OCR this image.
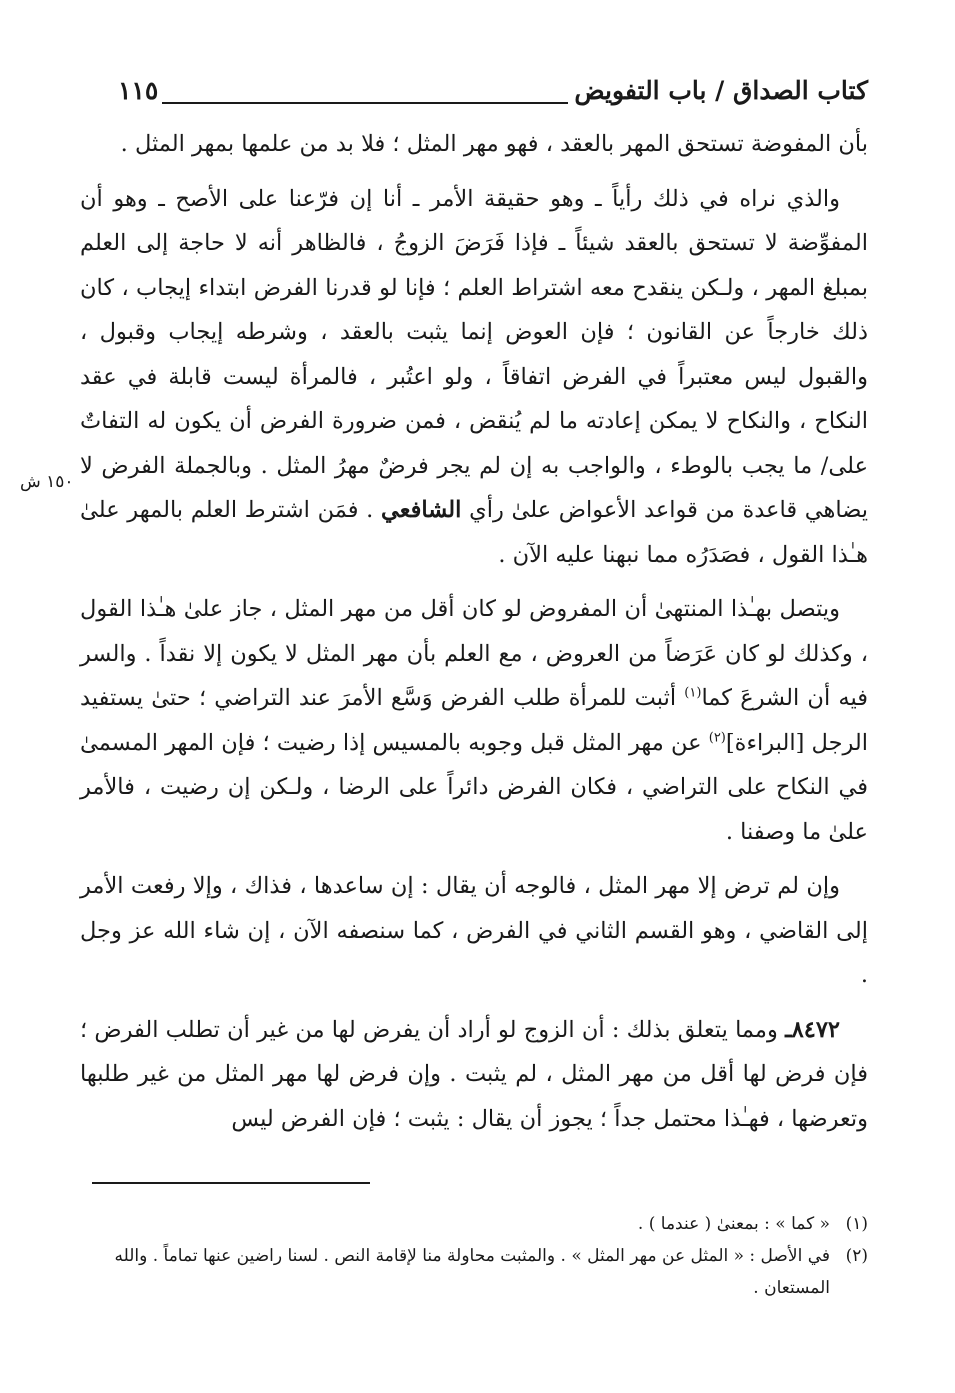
كتاب الصداق / باب التفويض
١١٥

بأن المفوضة تستحق المهر بالعقد ، فهو مهر المثل ؛ فلا بد من علمها بمهر المثل .

والذي نراه في ذلك رأياً ـ وهو حقيقة الأمر ـ أنا إن فرّعنا على الأصح ـ وهو أن المفوِّضة لا تستحق بالعقد شيئاً ـ فإذا فَرَضَ الزوجُ ، فالظاهر أنه لا حاجة إلى العلم بمبلغ المهر ، ولـكن ينقدح معه اشتراط العلم ؛ فإنا لو قدرنا الفرض ابتداء إيجاب ، كان ذلك خارجاً عن القانون ؛ فإن العوض إنما يثبت بالعقد ، وشرطه إيجاب وقبول ، والقبول ليس معتبراً في الفرض اتفاقاً ، ولو اعتُبر ، فالمرأة ليست قابلة في عقد النكاح ، والنكاح لا يمكن إعادته ما لم يُنقض ، فمن ضرورة الفرض أن يكون له التفاتٌ على/ ما يجب بالوطء ، والواجب به إن لم يجر فرضٌ مهرُ المثل . وبالجملة الفرض لا يضاهي قاعدة من قواعد الأعواض علىٰ رأي الشافعي . فمَن اشترط العلم بالمهر علىٰ هـٰذا القول ، فصَدَرُه مما نبهنا عليه الآن .

ويتصل بهـٰذا المنتهىٰ أن المفروض لو كان أقل من مهر المثل ، جاز علىٰ هـٰذا القول ، وكذلك لو كان عَرَضاً من العروض ، مع العلم بأن مهر المثل لا يكون إلا نقداً . والسر فيه أن الشرعَ كما$^{(١)}$ أثبت للمرأة طلب الفرض وَسَّع الأمرَ عند التراضي ؛ حتىٰ يستفيد الرجل [البراءة]$^{(٢)}$ عن مهر المثل قبل وجوبه بالمسيس إذا رضيت ؛ فإن المهر المسمىٰ في النكاح على التراضي ، فكان الفرض دائراً على الرضا ، ولـكن إن رضيت ، فالأمر علىٰ ما وصفنا .

وإن لم ترض إلا مهر المثل ، فالوجه أن يقال : إن ساعدها ، فذاك ، وإلا رفعت الأمر إلى القاضي ، وهو القسم الثاني في الفرض ، كما سنصفه الآن ، إن شاء الله عز وجل .

٨٤٧٢ـ ومما يتعلق بذلك : أن الزوج لو أراد أن يفرض لها من غير أن تطلب الفرض ؛ فإن فرض لها أقل من مهر المثل ، لم يثبت . وإن فرض لها مهر المثل من غير طلبها وتعرضها ، فهـٰذا محتمل جداً ؛ يجوز أن يقال : يثبت ؛ فإن الفرض ليس

١٥٠ ش
(١)
« كما » : بمعنىٰ ( عندما ) .
(٢)
في الأصل : « المثل عن مهر المثل » . والمثبت محاولة منا لإقامة النص . لسنا راضين عنها تماماً . والله المستعان .
